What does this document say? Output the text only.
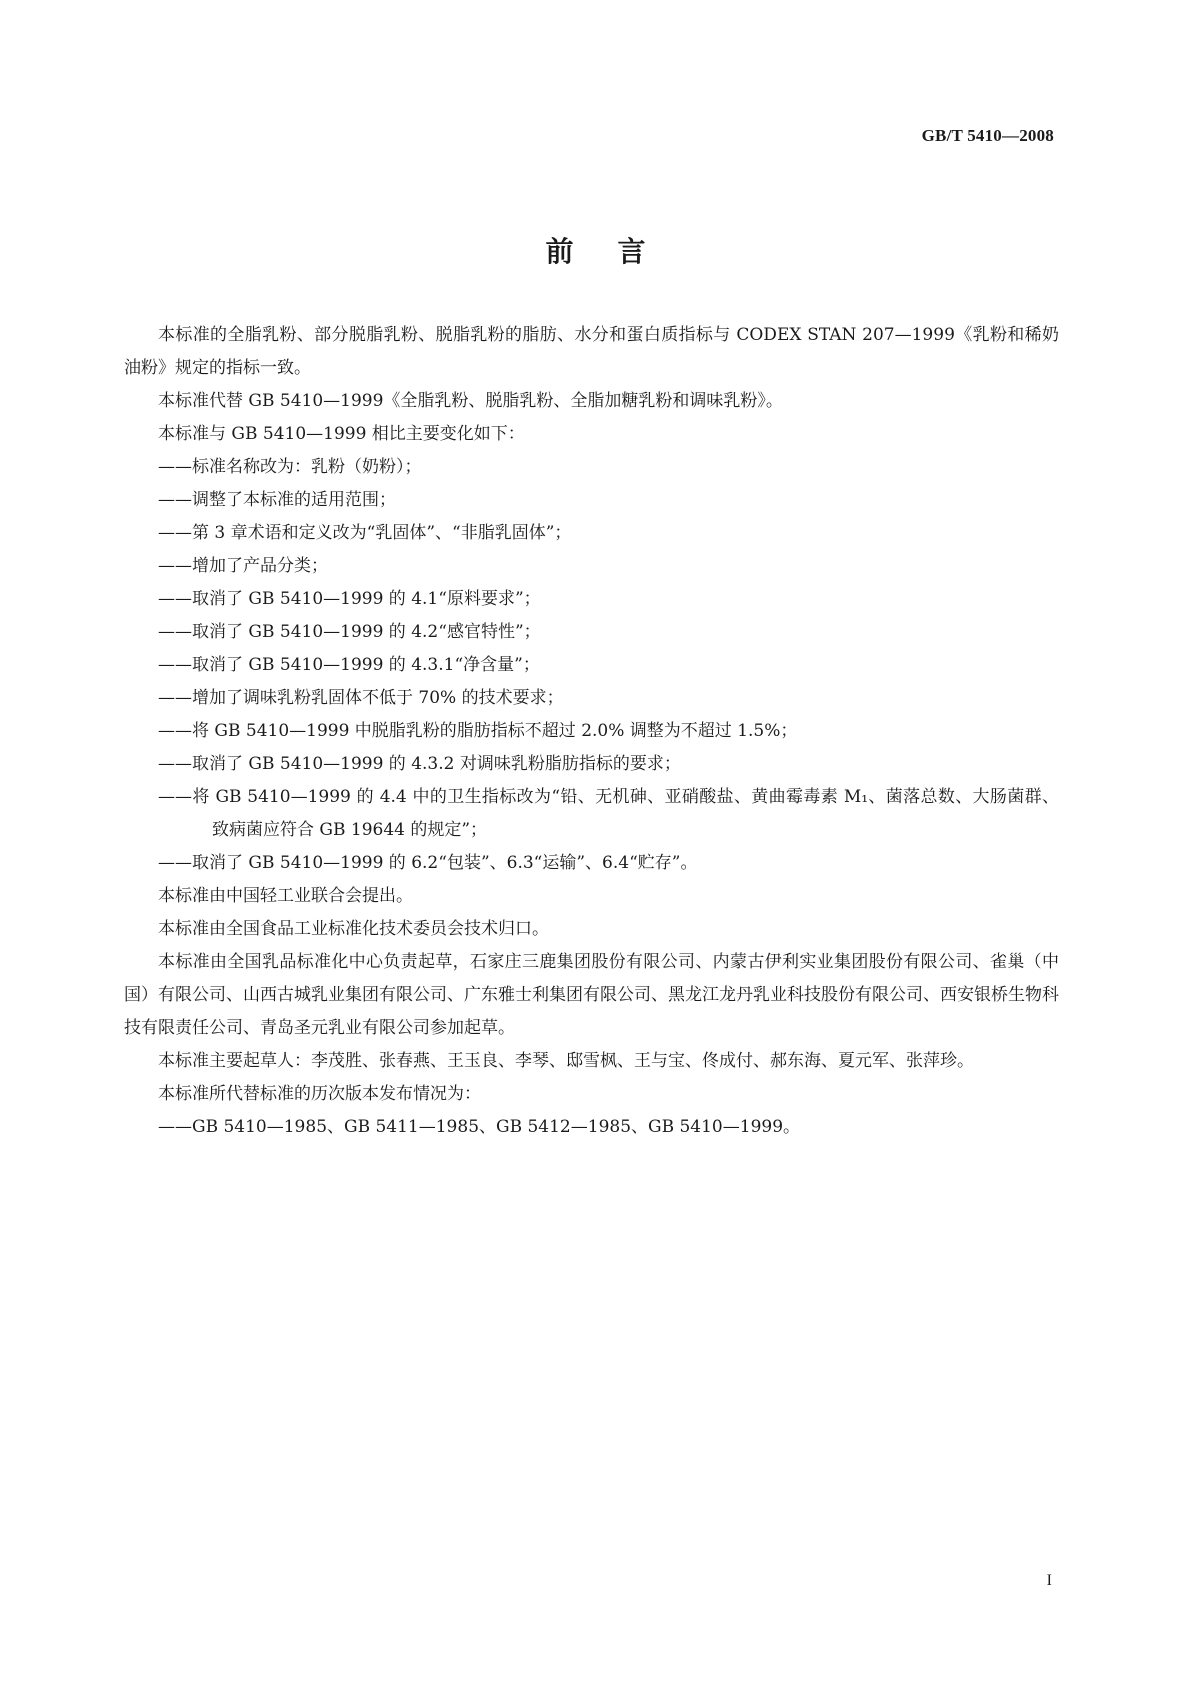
GB/T 5410—2008
前言

本标准的全脂乳粉、部分脱脂乳粉、脱脂乳粉的脂肪、水分和蛋白质指标与 CODEX STAN 207—1999《乳粉和稀奶油粉》规定的指标一致。

本标准代替 GB 5410—1999《全脂乳粉、脱脂乳粉、全脂加糖乳粉和调味乳粉》。

本标准与 GB 5410—1999 相比主要变化如下：

——标准名称改为：乳粉（奶粉）；

——调整了本标准的适用范围；

——第 3 章术语和定义改为“乳固体”、“非脂乳固体”；

——增加了产品分类；

——取消了 GB 5410—1999 的 4.1“原料要求”；

——取消了 GB 5410—1999 的 4.2“感官特性”；

——取消了 GB 5410—1999 的 4.3.1“净含量”；

——增加了调味乳粉乳固体不低于 70% 的技术要求；

——将 GB 5410—1999 中脱脂乳粉的脂肪指标不超过 2.0% 调整为不超过 1.5%；

——取消了 GB 5410—1999 的 4.3.2 对调味乳粉脂肪指标的要求；

——将 GB 5410—1999 的 4.4 中的卫生指标改为“铅、无机砷、亚硝酸盐、黄曲霉毒素 M₁、菌落总数、大肠菌群、致病菌应符合 GB 19644 的规定”；

——取消了 GB 5410—1999 的 6.2“包装”、6.3“运输”、6.4“贮存”。

本标准由中国轻工业联合会提出。

本标准由全国食品工业标准化技术委员会技术归口。

本标准由全国乳品标准化中心负责起草，石家庄三鹿集团股份有限公司、内蒙古伊利实业集团股份有限公司、雀巢（中国）有限公司、山西古城乳业集团有限公司、广东雅士利集团有限公司、黑龙江龙丹乳业科技股份有限公司、西安银桥生物科技有限责任公司、青岛圣元乳业有限公司参加起草。

本标准主要起草人：李茂胜、张春燕、王玉良、李琴、邸雪枫、王与宝、佟成付、郝东海、夏元军、张萍珍。

本标准所代替标准的历次版本发布情况为：

——GB 5410—1985、GB 5411—1985、GB 5412—1985、GB 5410—1999。

I
